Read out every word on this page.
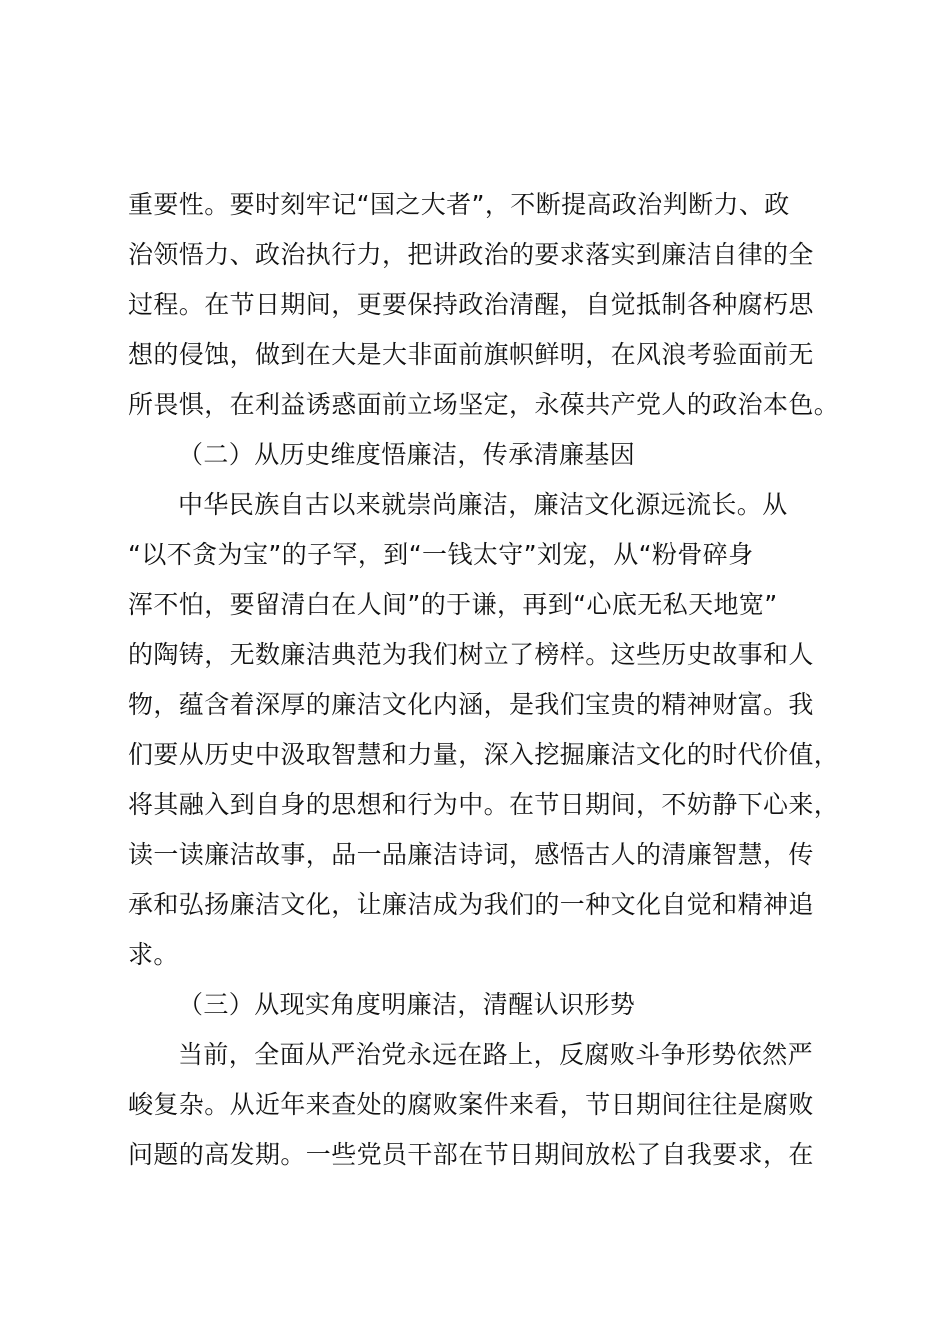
重要性。要时刻牢记“国之大者”，不断提高政治判断力、政
治领悟力、政治执行力，把讲政治的要求落实到廉洁自律的全
过程。在节日期间，更要保持政治清醒，自觉抵制各种腐朽思
想的侵蚀，做到在大是大非面前旗帜鲜明，在风浪考验面前无
所畏惧，在利益诱惑面前立场坚定，永葆共产党人的政治本色。
（二）从历史维度悟廉洁，传承清廉基因
中华民族自古以来就崇尚廉洁，廉洁文化源远流长。从
“以不贪为宝”的子罕，到“一钱太守”刘宠，从“粉骨碎身
浑不怕，要留清白在人间”的于谦，再到“心底无私天地宽”
的陶铸，无数廉洁典范为我们树立了榜样。这些历史故事和人
物，蕴含着深厚的廉洁文化内涵，是我们宝贵的精神财富。我
们要从历史中汲取智慧和力量，深入挖掘廉洁文化的时代价值，
将其融入到自身的思想和行为中。在节日期间，不妨静下心来，
读一读廉洁故事，品一品廉洁诗词，感悟古人的清廉智慧，传
承和弘扬廉洁文化，让廉洁成为我们的一种文化自觉和精神追
求。
（三）从现实角度明廉洁，清醒认识形势
当前，全面从严治党永远在路上，反腐败斗争形势依然严
峻复杂。从近年来查处的腐败案件来看，节日期间往往是腐败
问题的高发期。一些党员干部在节日期间放松了自我要求，在
